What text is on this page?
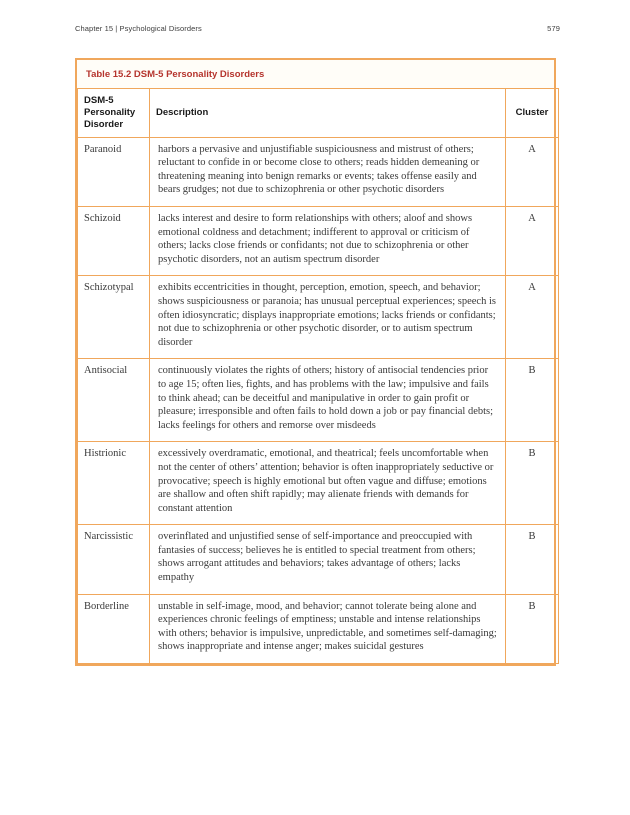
Chapter 15 | Psychological Disorders	579
Table 15.2 DSM-5 Personality Disorders
DSM-5 Personality Disorder	Description	Cluster
Paranoid	harbors a pervasive and unjustifiable suspiciousness and mistrust of others; reluctant to confide in or become close to others; reads hidden demeaning or threatening meaning into benign remarks or events; takes offense easily and bears grudges; not due to schizophrenia or other psychotic disorders	A
Schizoid	lacks interest and desire to form relationships with others; aloof and shows emotional coldness and detachment; indifferent to approval or criticism of others; lacks close friends or confidants; not due to schizophrenia or other psychotic disorders, not an autism spectrum disorder	A
Schizotypal	exhibits eccentricities in thought, perception, emotion, speech, and behavior; shows suspiciousness or paranoia; has unusual perceptual experiences; speech is often idiosyncratic; displays inappropriate emotions; lacks friends or confidants; not due to schizophrenia or other psychotic disorder, or to autism spectrum disorder	A
Antisocial	continuously violates the rights of others; history of antisocial tendencies prior to age 15; often lies, fights, and has problems with the law; impulsive and fails to think ahead; can be deceitful and manipulative in order to gain profit or pleasure; irresponsible and often fails to hold down a job or pay financial debts; lacks feelings for others and remorse over misdeeds	B
Histrionic	excessively overdramatic, emotional, and theatrical; feels uncomfortable when not the center of others’ attention; behavior is often inappropriately seductive or provocative; speech is highly emotional but often vague and diffuse; emotions are shallow and often shift rapidly; may alienate friends with demands for constant attention	B
Narcissistic	overinflated and unjustified sense of self-importance and preoccupied with fantasies of success; believes he is entitled to special treatment from others; shows arrogant attitudes and behaviors; takes advantage of others; lacks empathy	B
Borderline	unstable in self-image, mood, and behavior; cannot tolerate being alone and experiences chronic feelings of emptiness; unstable and intense relationships with others; behavior is impulsive, unpredictable, and sometimes self-damaging; shows inappropriate and intense anger; makes suicidal gestures	B
